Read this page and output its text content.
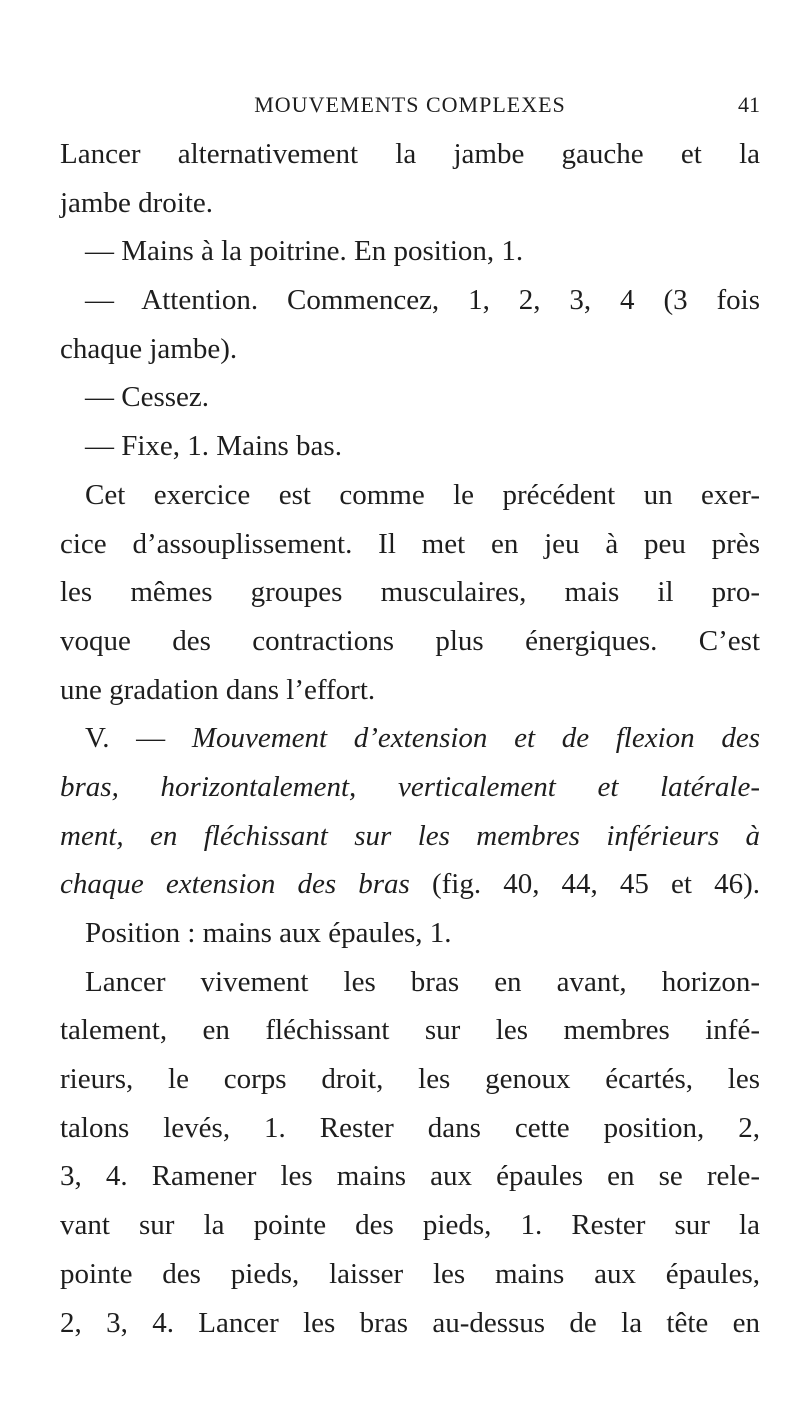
MOUVEMENTS COMPLEXES	41
Lancer alternativement la jambe gauche et la
jambe droite.
— Mains à la poitrine. En position, 1.
— Attention. Commencez, 1, 2, 3, 4 (3 fois
chaque jambe).
— Cessez.
— Fixe, 1. Mains bas.
Cet exercice est comme le précédent un exer-
cice d’assouplissement. Il met en jeu à peu près
les mêmes groupes musculaires, mais il pro-
voque des contractions plus énergiques. C’est
une gradation dans l’effort.
V. — Mouvement d’extension et de flexion des
bras, horizontalement, verticalement et latérale-
ment, en fléchissant sur les membres inférieurs à
chaque extension des bras (fig. 40, 44, 45 et 46).
Position : mains aux épaules, 1.
Lancer vivement les bras en avant, horizon-
talement, en fléchissant sur les membres infé-
rieurs, le corps droit, les genoux écartés, les
talons levés, 1. Rester dans cette position, 2,
3, 4. Ramener les mains aux épaules en se rele-
vant sur la pointe des pieds, 1. Rester sur la
pointe des pieds, laisser les mains aux épaules,
2, 3, 4. Lancer les bras au-dessus de la tête en
